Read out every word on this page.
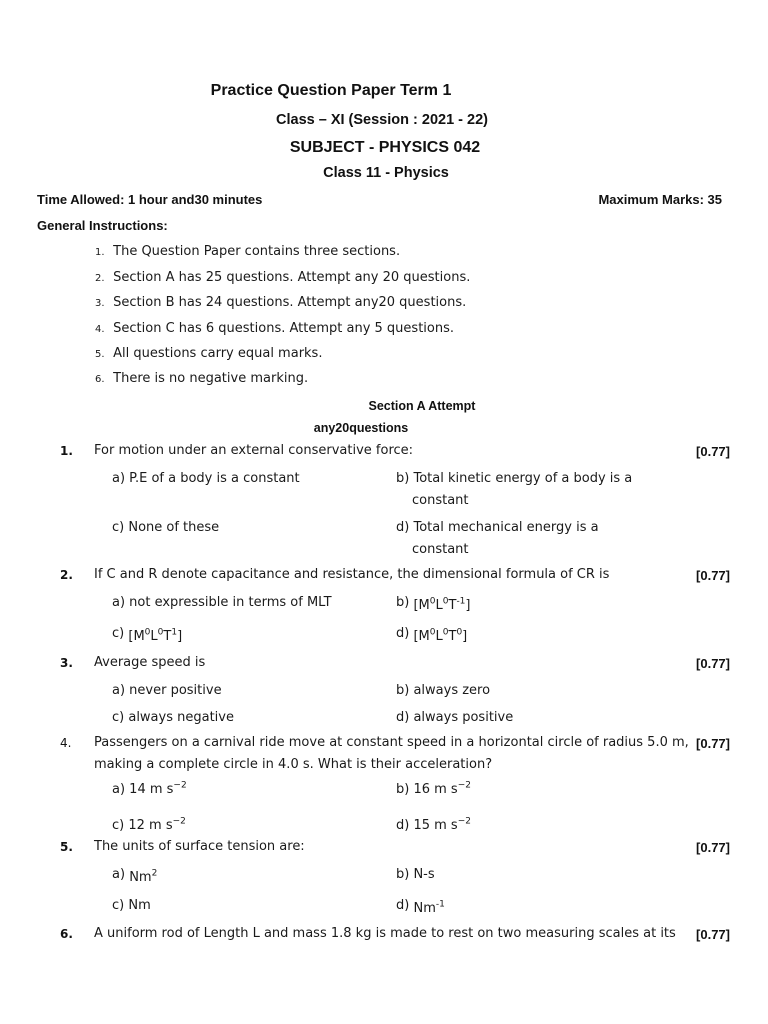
Practice Question Paper Term 1
Class – XI (Session : 2021 - 22)
SUBJECT - PHYSICS 042
Class 11 - Physics
Time Allowed: 1 hour and30 minutes	Maximum Marks: 35
General Instructions:
1. The Question Paper contains three sections.
2. Section A has 25 questions. Attempt any 20 questions.
3. Section B has 24 questions. Attempt any20 questions.
4. Section C has 6 questions. Attempt any 5 questions.
5. All questions carry equal marks.
6. There is no negative marking.
Section A Attempt
any20questions
1. For motion under an external conservative force:	[0.77]
a) P.E of a body is a constant	b) Total kinetic energy of a body is a
constant
c) None of these	d) Total mechanical energy is a
constant
2. If C and R denote capacitance and resistance, the dimensional formula of CR is	[0.77]
a) not expressible in terms of MLT	b) $[M^0L^0T^{-1}]$
c) $[M^0L^0T^1]$	d) $[M^0L^0T^0]$
3. Average speed is	[0.77]
a) never positive	b) always zero
c) always negative	d) always positive
4. Passengers on a carnival ride move at constant speed in a horizontal circle of radius 5.0 m,
making a complete circle in 4.0 s. What is their acceleration?
[0.77]
a) 14 m $s^{-2}$	b) 16 m $s^{-2}$
c) 12 m $s^{-2}$	d) 15 m $s^{-2}$
5. The units of surface tension are:	[0.77]
a) Nm$^2$	b) N-s
c) Nm	d) $Nm^{-1}$
6. A uniform rod of Length L and mass 1.8 kg is made to rest on two measuring scales at its [0.77]
